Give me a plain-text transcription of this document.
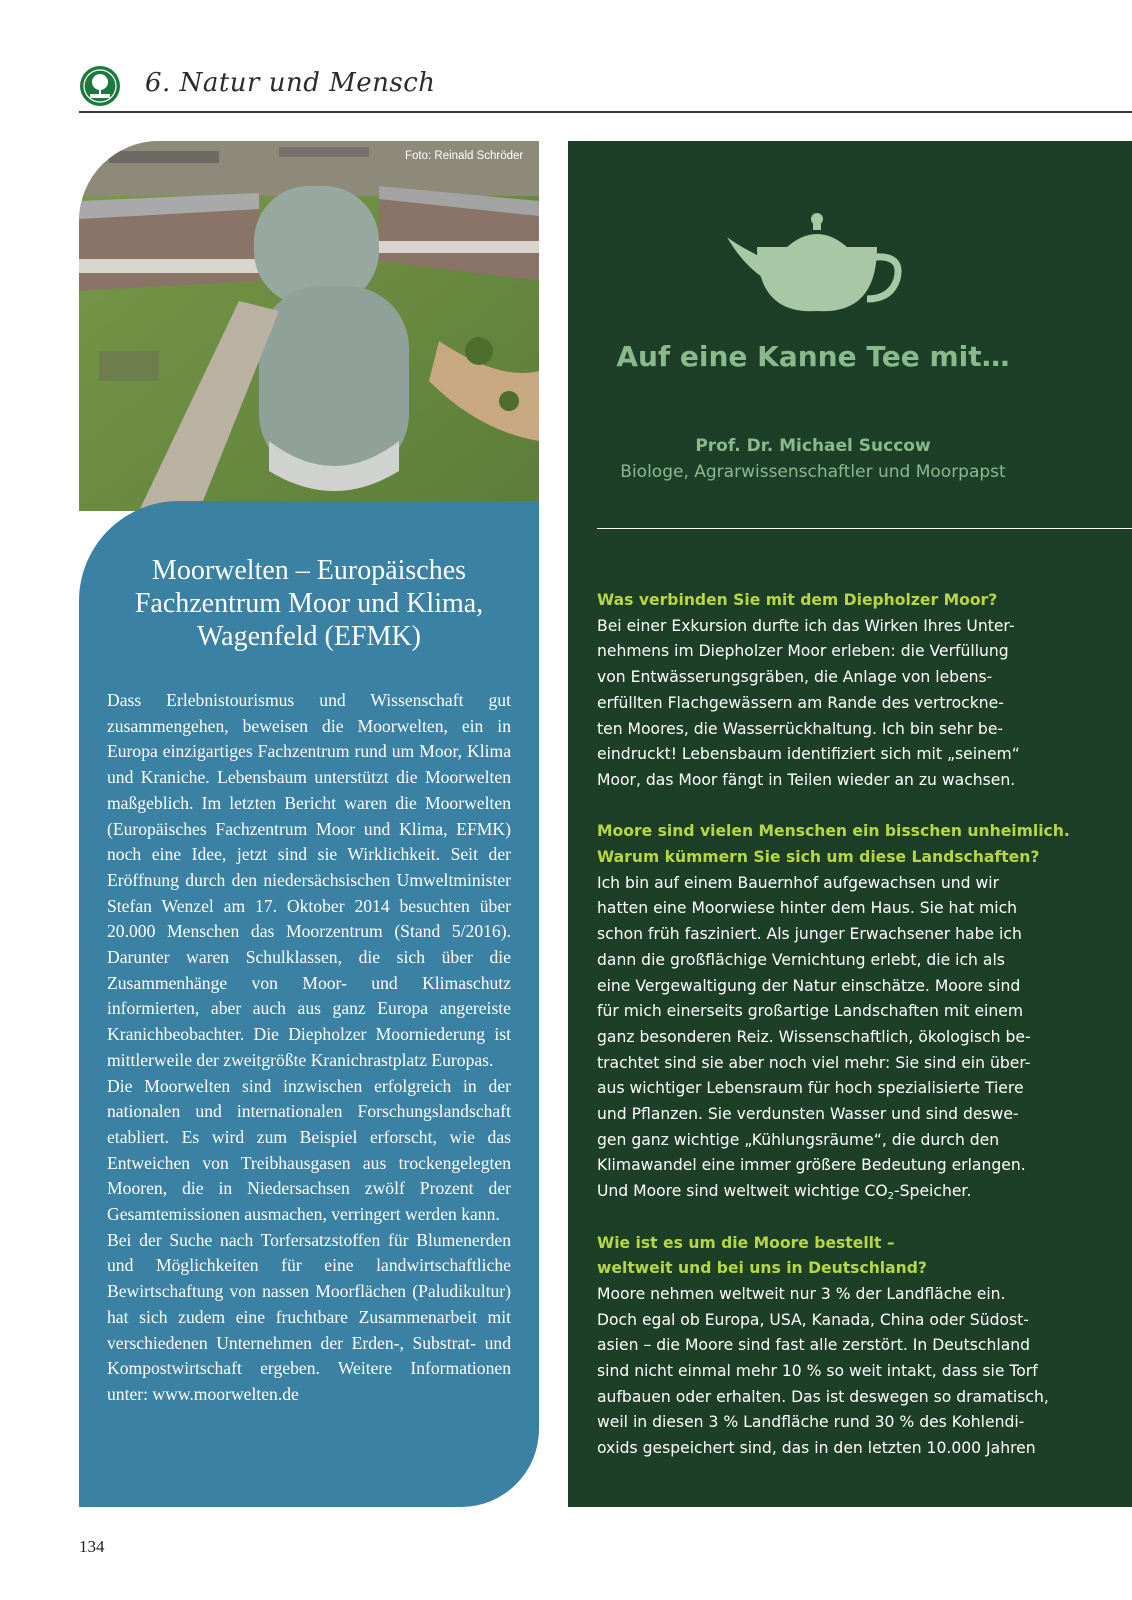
6. Natur und Mensch
Foto: Reinald Schröder
Moorwelten – Europäisches
Fachzentrum Moor und Klima,
Wagenfeld (EFMK)

Dass Erlebnistourismus und Wissenschaft gut zusammengehen, beweisen die Moorwelten, ein in Europa einzigartiges Fachzentrum rund um Moor, Klima und Kraniche. Lebensbaum unterstützt die Moorwelten maßgeblich. Im letzten Bericht waren die Moorwelten (Europäisches Fachzentrum Moor und Klima, EFMK) noch eine Idee, jetzt sind sie Wirklichkeit. Seit der Eröffnung durch den niedersächsischen Umweltminister Stefan Wenzel am 17. Oktober 2014 besuchten über 20.000 Menschen das Moorzentrum (Stand 5/2016). Darunter waren Schulklassen, die sich über die Zusammenhänge von Moor- und Klimaschutz informierten, aber auch aus ganz Europa angereiste Kranichbeobachter. Die Diepholzer Moorniederung ist mittlerweile der zweitgrößte Kranichrastplatz Europas.

Die Moorwelten sind inzwischen erfolgreich in der nationalen und internationalen Forschungslandschaft etabliert. Es wird zum Beispiel erforscht, wie das Entweichen von Treibhausgasen aus trockengelegten Mooren, die in Niedersachsen zwölf Prozent der Gesamtemissionen ausmachen, verringert werden kann.

Bei der Suche nach Torfersatzstoffen für Blumenerden und Möglichkeiten für eine landwirtschaftliche Bewirtschaftung von nassen Moorflächen (Paludikultur) hat sich zudem eine fruchtbare Zusammenarbeit mit verschiedenen Unternehmen der Erden-, Substrat- und Kompostwirtschaft ergeben. Weitere Informationen unter: www.moorwelten.de

Auf eine Kanne Tee mit…
Prof. Dr. Michael Succow
Biologe, Agrarwissenschaftler und Moorpapst
Was verbinden Sie mit dem Diepholzer Moor?
Bei einer Exkursion durfte ich das Wirken Ihres Unter-
nehmens im Diepholzer Moor erleben: die Verfüllung
von Entwässerungsgräben, die Anlage von lebens-
erfüllten Flachgewässern am Rande des vertrockne-
ten Moores, die Wasserrückhaltung. Ich bin sehr be-
eindruckt! Lebensbaum identifiziert sich mit „seinem“
Moor, das Moor fängt in Teilen wieder an zu wachsen.
Moore sind vielen Menschen ein bisschen unheimlich.
Warum kümmern Sie sich um diese Landschaften?
Ich bin auf einem Bauernhof aufgewachsen und wir
hatten eine Moorwiese hinter dem Haus. Sie hat mich
schon früh fasziniert. Als junger Erwachsener habe ich
dann die großflächige Vernichtung erlebt, die ich als
eine Vergewaltigung der Natur einschätze. Moore sind
für mich einerseits großartige Landschaften mit einem
ganz besonderen Reiz. Wissenschaftlich, ökologisch be-
trachtet sind sie aber noch viel mehr: Sie sind ein über-
aus wichtiger Lebensraum für hoch spezialisierte Tiere
und Pflanzen. Sie verdunsten Wasser und sind deswe-
gen ganz wichtige „Kühlungsräume“, die durch den
Klimawandel eine immer größere Bedeutung erlangen.
Und Moore sind weltweit wichtige $CO_2$-Speicher.
Wie ist es um die Moore bestellt –
weltweit und bei uns in Deutschland?
Moore nehmen weltweit nur 3 % der Landfläche ein.
Doch egal ob Europa, USA, Kanada, China oder Südost-
asien – die Moore sind fast alle zerstört. In Deutschland
sind nicht einmal mehr 10 % so weit intakt, dass sie Torf
aufbauen oder erhalten. Das ist deswegen so dramatisch,
weil in diesen 3 % Landfläche rund 30 % des Kohlendi-
oxids gespeichert sind, das in den letzten 10.000 Jahren
134
